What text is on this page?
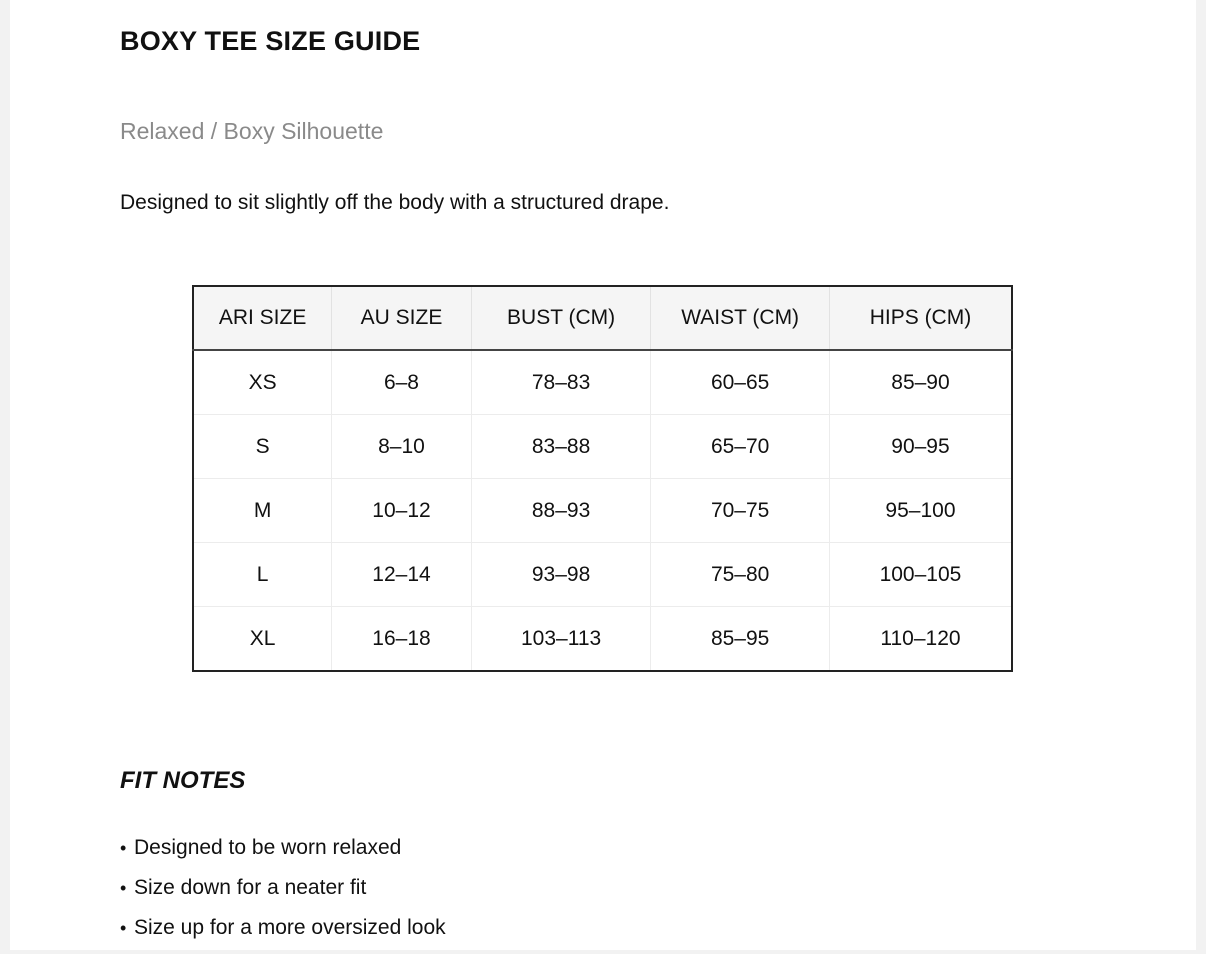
BOXY TEE SIZE GUIDE

Relaxed / Boxy Silhouette

Designed to sit slightly off the body with a structured drape.

ARI SIZE	AU SIZE	BUST (CM)	WAIST (CM)	HIPS (CM)
XS	6–8	78–83	60–65	85–90
S	8–10	83–88	65–70	90–95
M	10–12	88–93	70–75	95–100
L	12–14	93–98	75–80	100–105
XL	16–18	103–113	85–95	110–120
FIT NOTES
• Designed to be worn relaxed
• Size down for a neater fit
• Size up for a more oversized look
